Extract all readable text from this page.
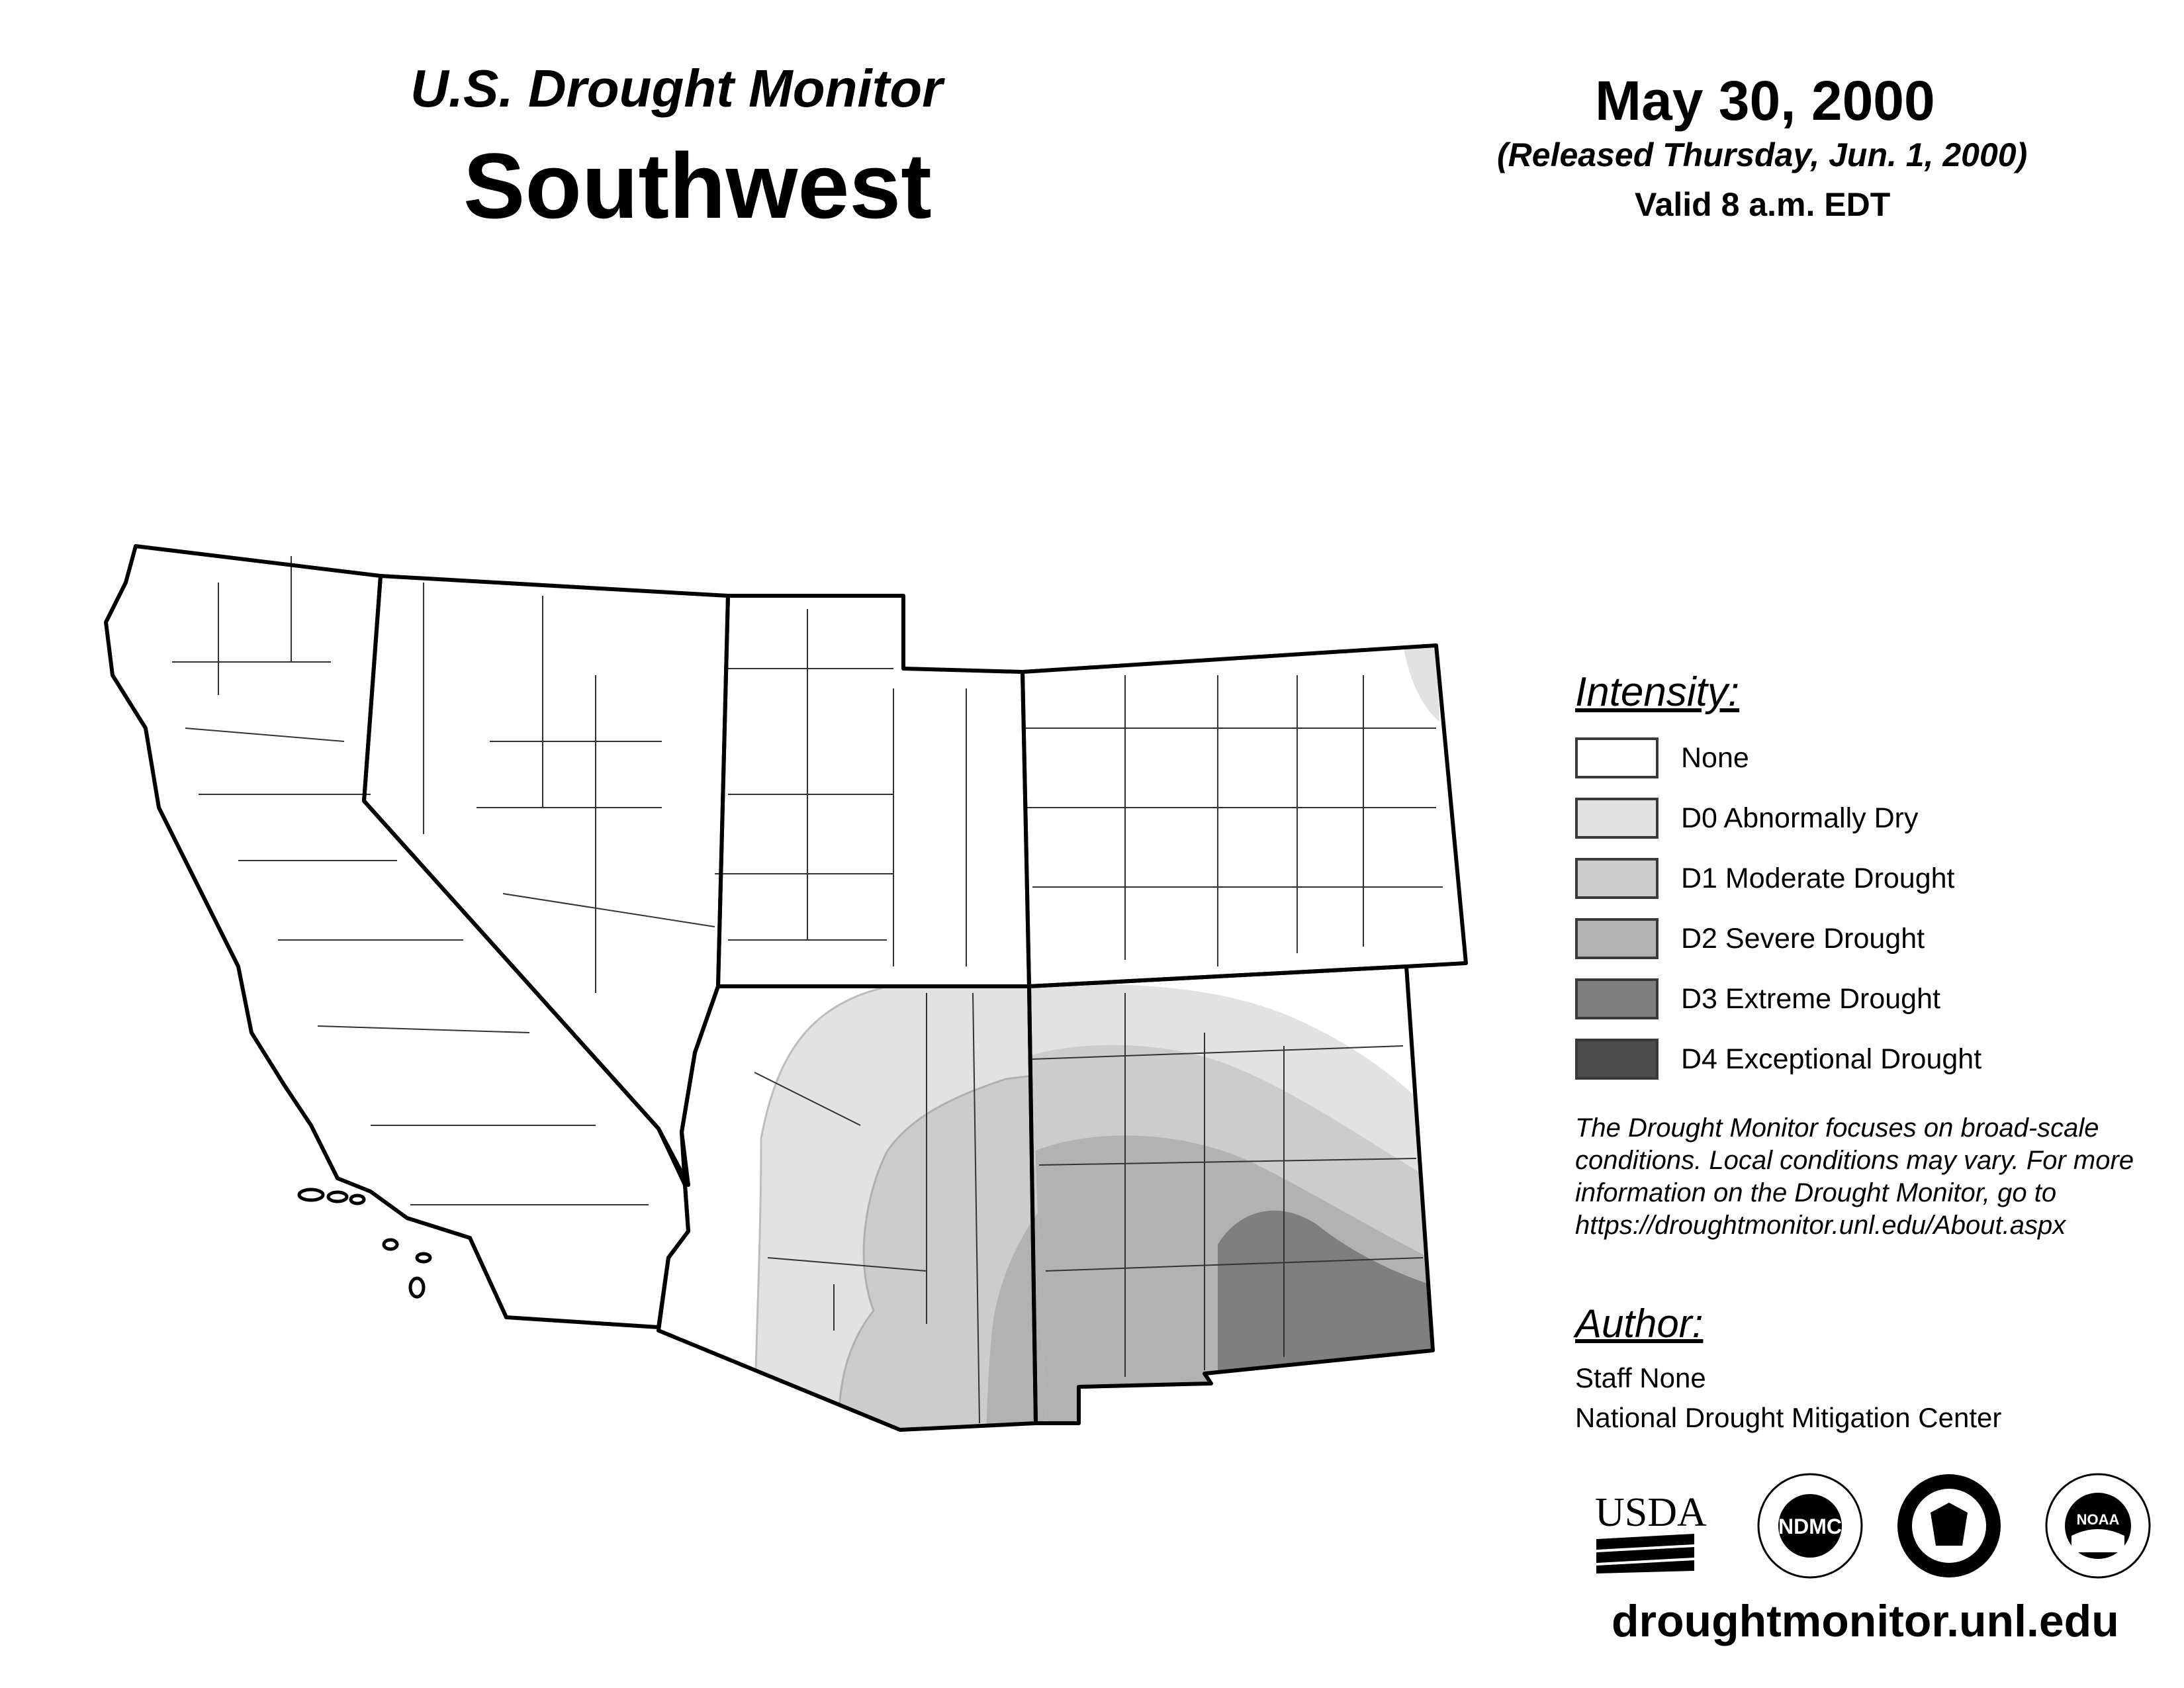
U.S. Drought Monitor
Southwest
May 30, 2000
(Released Thursday, Jun. 1, 2000)
Valid 8 a.m. EDT
Intensity:
None
D0 Abnormally Dry
D1 Moderate Drought
D2 Severe Drought
D3 Extreme Drought
D4 Exceptional Drought
The Drought Monitor focuses on broad-scale
conditions. Local conditions may vary. For more
information on the Drought Monitor, go to
https://droughtmonitor.unl.edu/About.aspx
Author:
Staff None
National Drought Mitigation Center
USDA	NDMC	NOAA
droughtmonitor.unl.edu
